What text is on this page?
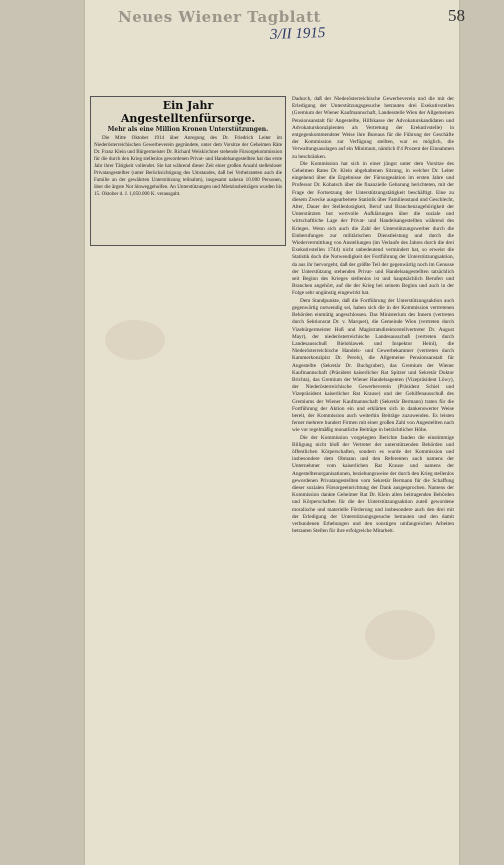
Neues Wiener Tagblatt	58
3/II 1915
Ein Jahr Angestelltenfürsorge.
Mehr als eine Million Kronen Unterstützungen.

Die Mitte Oktober 1914 über Anregung des Dr. Friedrich Leiter im Niederösterreichischen Gewerbeverein gegründete, unter dem Vorsitze der Geheimen Räte Dr. Franz Klein und Bürgermeister Dr. Richard Weiskirchner stehende Fürsorgekommission für die durch den Krieg stellenlos gewordenen Privat- und Handelsangestellten hat das erste Jahr ihrer Tätigkeit vollendet. Sie hat während dieser Zeit einer großen Anzahl stellenloser Privatangestellter (unter Berücksichtigung des Umstandes, daß bei Verheirateten auch die Familie an der gewährten Unterstützung teilnahm), insgesamt nahezu 10.000 Personen, über die ärgste Not hinweggeholfen. An Unterstützungen und Mietzinsbeiträgen wurden bis 15. Oktober d. J. 1,050.000 K. verausgabt.

Dadurch, daß der Niederösterreichische Gewerbeverein und die mit der Erledigung der Unterstützungsgesuche betrauten drei Exekutivstellen (Gremium der Wiener Kaufmannschaft, Landesstelle Wien der Allgemeinen Pensionsanstalt für Angestellte, Hilfskasse der Advokaturskandidaten und Advokaturskonzipienten als Vertretung der Erekutivstelle) in entgegenkommendster Weise ihre Bureaus für die Führung der Geschäfte der Kommission zur Verfügung stellten, war es möglich, die Verwaltungsauslagen auf ein Minimum, nämlich 0'4 Prozent der Einnahmen zu beschränken.

Die Kommission hat sich in einer jüngst unter dem Vorsitze des Geheimen Rates Dr. Klein abgehaltenen Sitzung, in welcher Dr. Leiter eingehend über die Ergebnisse der Fürsorgeaktion im ersten Jahre und Professor Dr. Kobatsch über die finanzielle Gebarung berichteten, mit der Frage der Fortsetzung der Unterstützungstätigkeit beschäftigt. Eine zu diesem Zwecke ausgearbeitete Statistik über Familienstand und Geschlecht, Alter, Dauer der Stellenlosigkeit, Beruf und Branchenzugehörigkeit der Unterstützten bot wertvolle Aufklärungen über die soziale und wirtschaftliche Lage der Privat- und Handelsangestellten während des Krieges. Wenn sich auch die Zahl der Unterstützungswerber durch die Einberufungen zur militärischen Dienstleistung und durch die Wiedervermittlung von Anstellungen (im Verlaufe des Jahres durch die drei Exekutivstellen 1744) nicht unbedeutend vermindert hat, so erweist die Statistik doch die Notwendigkeit der Fortführung der Unterstützungsaktion, da aus ihr hervorgeht, daß der größte Teil der gegenwärtig noch im Genusse der Unterstützung stehenden Privat- und Handelsangestellten tatsächlich seit Beginn des Krieges stellenlos ist und hauptsächlich Berufen und Branchen angehört, auf die der Krieg bei seinem Beginn und auch in der Folge sehr ungünstig eingewirkt hat.

Dem Standpunkte, daß die Fortführung der Unterstützungsaktion auch gegenwärtig notwendig sei, haben sich die in der Kommission vertretenen Behörden einmütig angeschlossen. Das Ministerium des Innern (vertreten durch Sektionsrat Dr. v. Marquet), die Gemeinde Wien (vertreten durch Vizebürgermeister Hoß und Magistratsdirektorstellvertreter Dr. August Mayr), der niederösterreichische Landesausschuß (vertreten durch Landesausschuß Bielohlawek und Inspektor Heinl), die Niederösterreichische Handels- und Gewerbekammer (vertreten durch Kammerkonzipist Dr. Perels), die Allgemeine Pensionsanstalt für Angestellte (Sekretär Dr. Buchgraber), das Gremium der Wiener Kaufmannschaft (Präsident kaiserlicher Rat Spitzer und Sekretär Doktor Brichta), das Gremium der Wiener Handelsagenten (Vizepräsident Löwy), der Niederösterreichische Gewerbeverein (Präsident Schiel und Vizepräsident kaiserlicher Rat Krause) und der Gehilfenausschuß des Gremiums der Wiener Kaufmannschaft (Sekretär Bermann) traten für die Fortführung der Aktion ein und erklärten sich in dankenswerter Weise bereit, der Kommission auch weiterhin Beiträge zuzuwenden. Es leisten ferner mehrere hundert Firmen mit einer großen Zahl von Angestellten nach wie vor regelmäßig monatliche Beiträge in beträchtlicher Höhe.

Die der Kommission vorgelegten Berichte fanden die einstimmige Billigung nicht bloß der Vertreter der unterstützenden Behörden und öffentlichen Körperschaften, sondern es wurde der Kommission und insbesondere dem Obmann und den Referenten auch namens der Unternehmer vom kaiserlichen Rat Krause und namens der Angestelltenorganisationen, beziehungsweise der durch den Krieg stellenlos gewordenen Privatangestellten vom Sekretär Bermann für die Schaffung dieser sozialen Fürsorgeeinrichtung der Dank ausgesprochen. Namens der Kommission dankte Geheimer Rat Dr. Klein allen beitragenden Behörden und Körperschaften für die der Unterstützungsaktion zuteil gewordene moralische und materielle Förderung und insbesondere auch den drei mit der Erledigung der Unterstützungsgesuche betrauten und den damit verbundenen Erhebungen und den sonstigen umfangreichen Arbeiten betrauten Stellen für ihre erfolgreiche Mitarbeit.
